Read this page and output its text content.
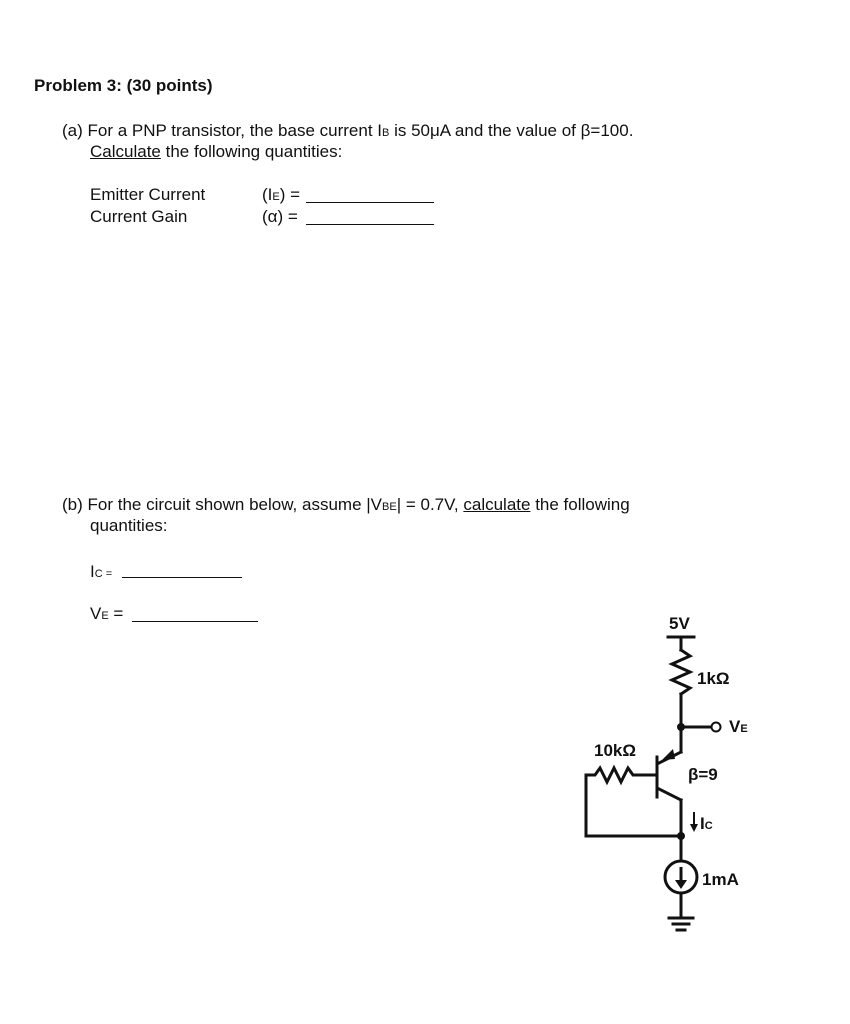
Problem 3: (30 points)
(a) For a PNP transistor, the base current IB is 50μA and the value of β=100.
Calculate the following quantities:
Emitter Current	(IE) =
Current Gain	(α) =
(b) For the circuit shown below, assume |VBE| = 0.7V, calculate the following
quantities:
IC =
VE =
5V
1kΩ
VE
10kΩ
β=9
IC
1mA
